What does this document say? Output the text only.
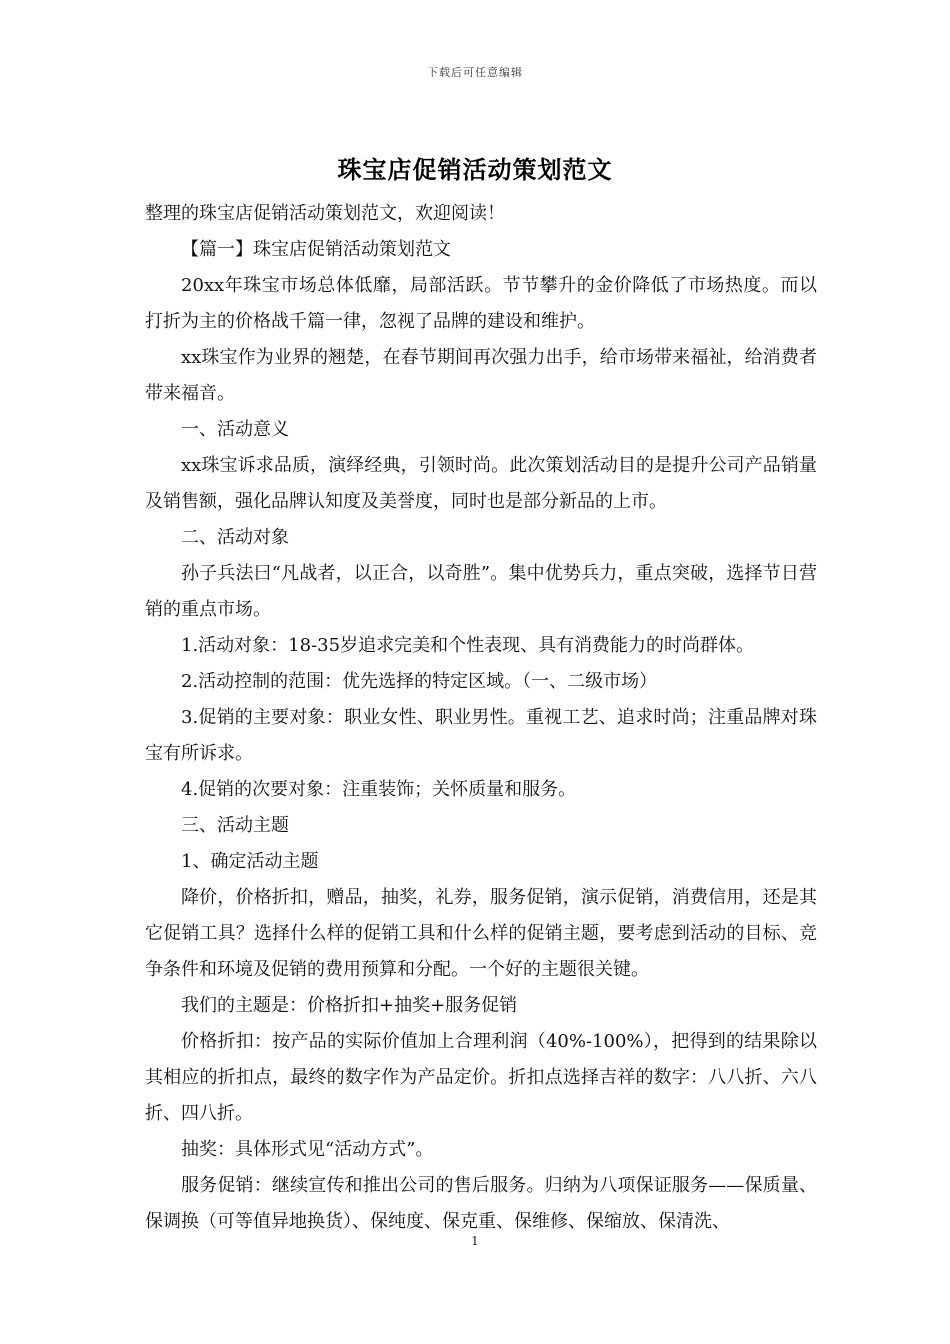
下载后可任意编辑
珠宝店促销活动策划范文

整理的珠宝店促销活动策划范文，欢迎阅读！

【篇一】珠宝店促销活动策划范文

20xx年珠宝市场总体低靡，局部活跃。节节攀升的金价降低了市场热度。而以打折为主的价格战千篇一律，忽视了品牌的建设和维护。

xx珠宝作为业界的翘楚，在春节期间再次强力出手，给市场带来福祉，给消费者带来福音。

一、活动意义

xx珠宝诉求品质，演绎经典，引领时尚。此次策划活动目的是提升公司产品销量及销售额，强化品牌认知度及美誉度，同时也是部分新品的上市。

二、活动对象

孙子兵法曰“凡战者，以正合，以奇胜”。集中优势兵力，重点突破，选择节日营销的重点市场。

1.活动对象：18-35岁追求完美和个性表现、具有消费能力的时尚群体。

2.活动控制的范围：优先选择的特定区域。（一、二级市场）

3.促销的主要对象：职业女性、职业男性。重视工艺、追求时尚；注重品牌对珠宝有所诉求。

4.促销的次要对象：注重装饰；关怀质量和服务。

三、活动主题

1、确定活动主题

降价，价格折扣，赠品，抽奖，礼券，服务促销，演示促销，消费信用，还是其它促销工具？选择什么样的促销工具和什么样的促销主题，要考虑到活动的目标、竞争条件和环境及促销的费用预算和分配。一个好的主题很关键。

我们的主题是：价格折扣+抽奖+服务促销

价格折扣：按产品的实际价值加上合理利润（40%-100%），把得到的结果除以其相应的折扣点，最终的数字作为产品定价。折扣点选择吉祥的数字：八八折、六八折、四八折。

抽奖：具体形式见“活动方式”。

服务促销：继续宣传和推出公司的售后服务。归纳为八项保证服务——保质量、保调换（可等值异地换货）、保纯度、保克重、保维修、保缩放、保清洗、

1
